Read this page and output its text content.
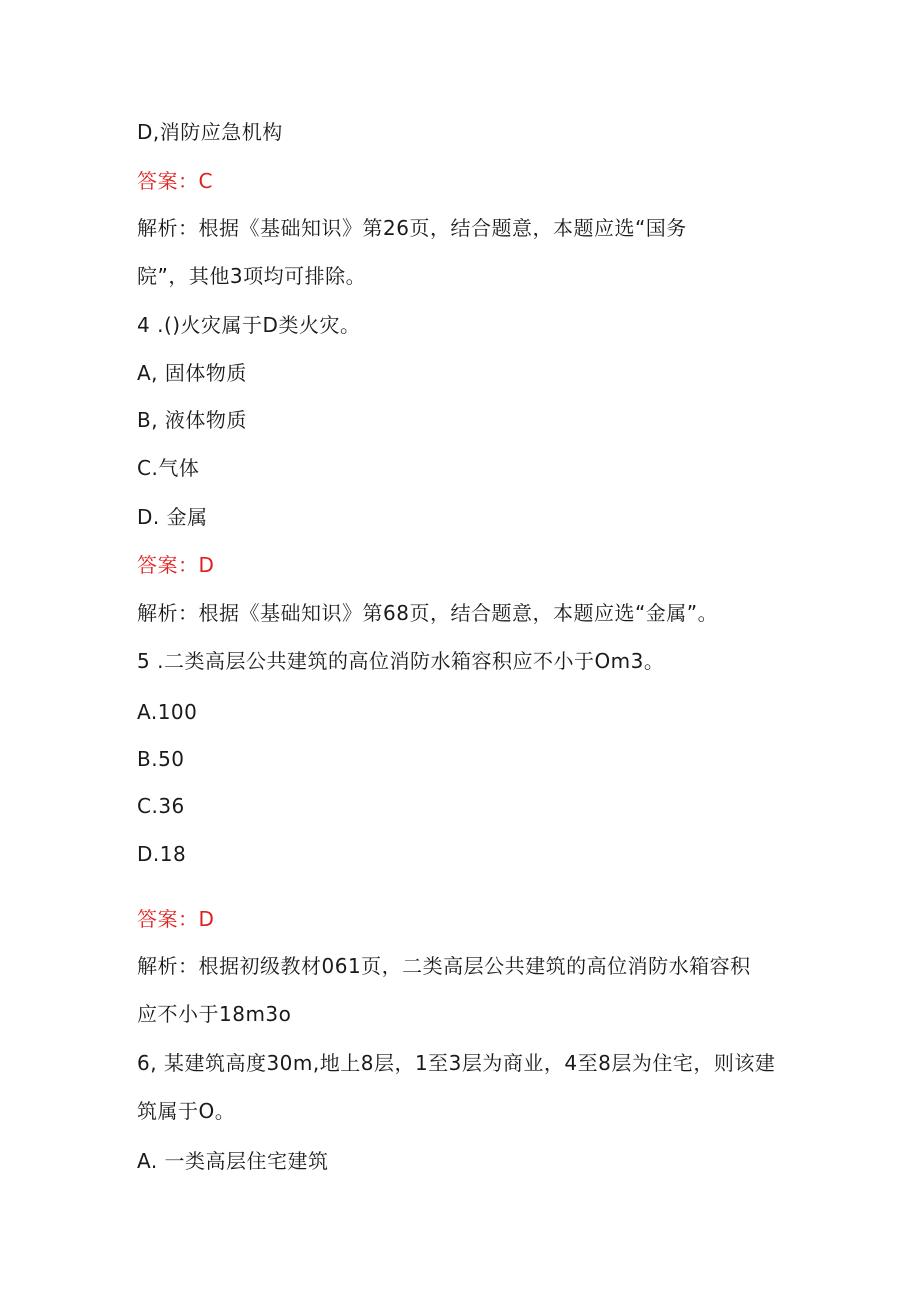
D,消防应急机构
答案：C
解析：根据《基础知识》第26页，结合题意，本题应选“国务
院”，其他3项均可排除。
4 .()火灾属于D类火灾。
A, 固体物质
B, 液体物质
C.气体
D. 金属
答案：D
解析：根据《基础知识》第68页，结合题意，本题应选“金属”。
5 .二类高层公共建筑的高位消防水箱容积应不小于Om3。
A.100
B.50
C.36
D.18
答案：D
解析：根据初级教材061页，二类高层公共建筑的高位消防水箱容积
应不小于18m3o
6, 某建筑高度30m,地上8层，1至3层为商业，4至8层为住宅，则该建
筑属于O。
A. 一类高层住宅建筑
